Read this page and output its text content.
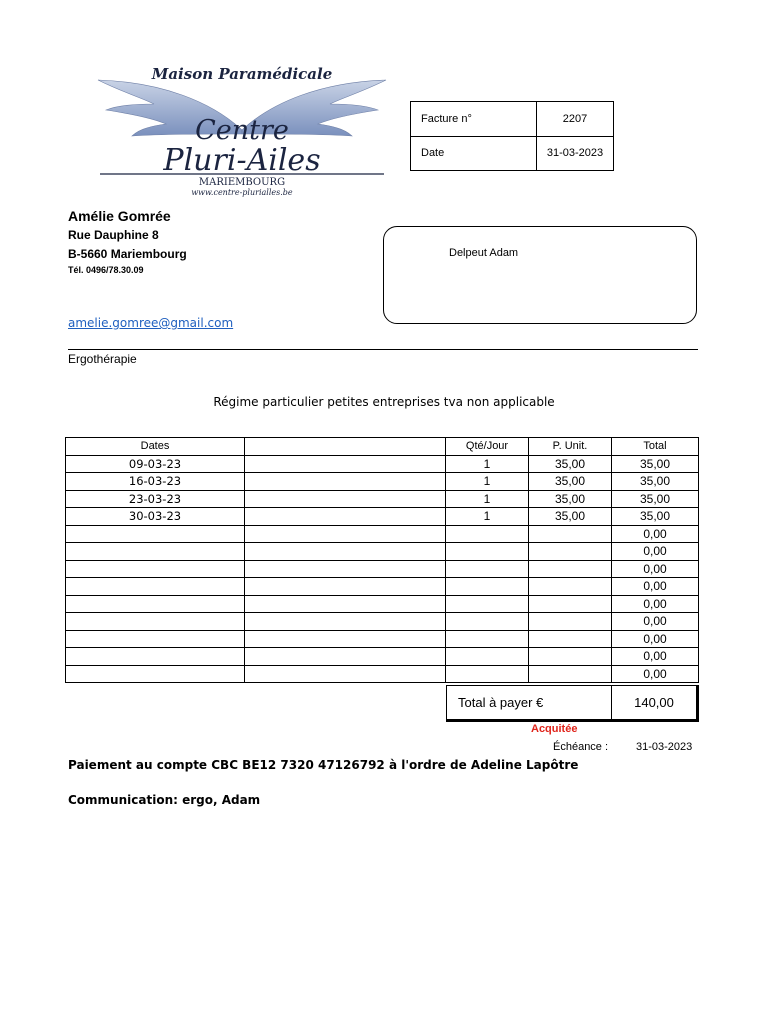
Maison Paramédicale
Centre
Pluri-Ailes
MARIEMBOURG
www.centre-plurialles.be
Facture n°	2207
Date	31-03-2023
Amélie Gomrée
Rue Dauphine 8
B-5660 Mariembourg
Tél. 0496/78.30.09
amelie.gomree@gmail.com
Delpeut Adam
Ergothérapie
Régime particulier petites entreprises tva non applicable
Dates		Qté/Jour	P. Unit.	Total
09-03-23		1	35,00	35,00
16-03-23		1	35,00	35,00
23-03-23		1	35,00	35,00
30-03-23		1	35,00	35,00
				0,00
				0,00
				0,00
				0,00
				0,00
				0,00
				0,00
				0,00
				0,00
Total à payer €	140,00
Acquitée
Échéance :	31-03-2023
Paiement au compte CBC BE12 7320 47126792 à l'ordre de Adeline Lapôtre
Communication: ergo, Adam
